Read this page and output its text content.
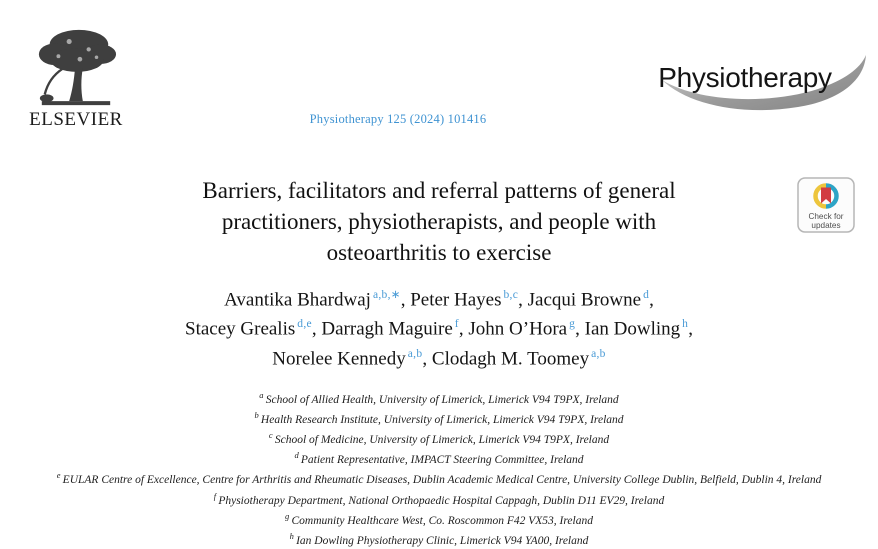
ELSEVIER	Physiotherapy 125 (2024) 101416
Physiotherapy
Check for
updates
Barriers, facilitators and referral patterns of general
practitioners, physiotherapists, and people with
osteoarthritis to exercise
Avantika Bhardwaj $^{a,b,∗}$, Peter Hayes $^{b,c}$, Jacqui Browne $^d$,
Stacey Grealis $^{d,e}$, Darragh Maguire $^f$, John O’Hora $^g$, Ian Dowling $^h$,
Norelee Kennedy $^{a,b}$, Clodagh M. Toomey $^{a,b}$
$^a$ School of Allied Health, University of Limerick, Limerick V94 T9PX, Ireland
$^b$ Health Research Institute, University of Limerick, Limerick V94 T9PX, Ireland
$^c$ School of Medicine, University of Limerick, Limerick V94 T9PX, Ireland
$^d$ Patient Representative, IMPACT Steering Committee, Ireland
$^e$ EULAR Centre of Excellence, Centre for Arthritis and Rheumatic Diseases, Dublin Academic Medical Centre, University College Dublin, Belfield, Dublin 4, Ireland
$^f$ Physiotherapy Department, National Orthopaedic Hospital Cappagh, Dublin D11 EV29, Ireland
$^g$ Community Healthcare West, Co. Roscommon F42 VX53, Ireland
$^h$ Ian Dowling Physiotherapy Clinic, Limerick V94 YA00, Ireland
